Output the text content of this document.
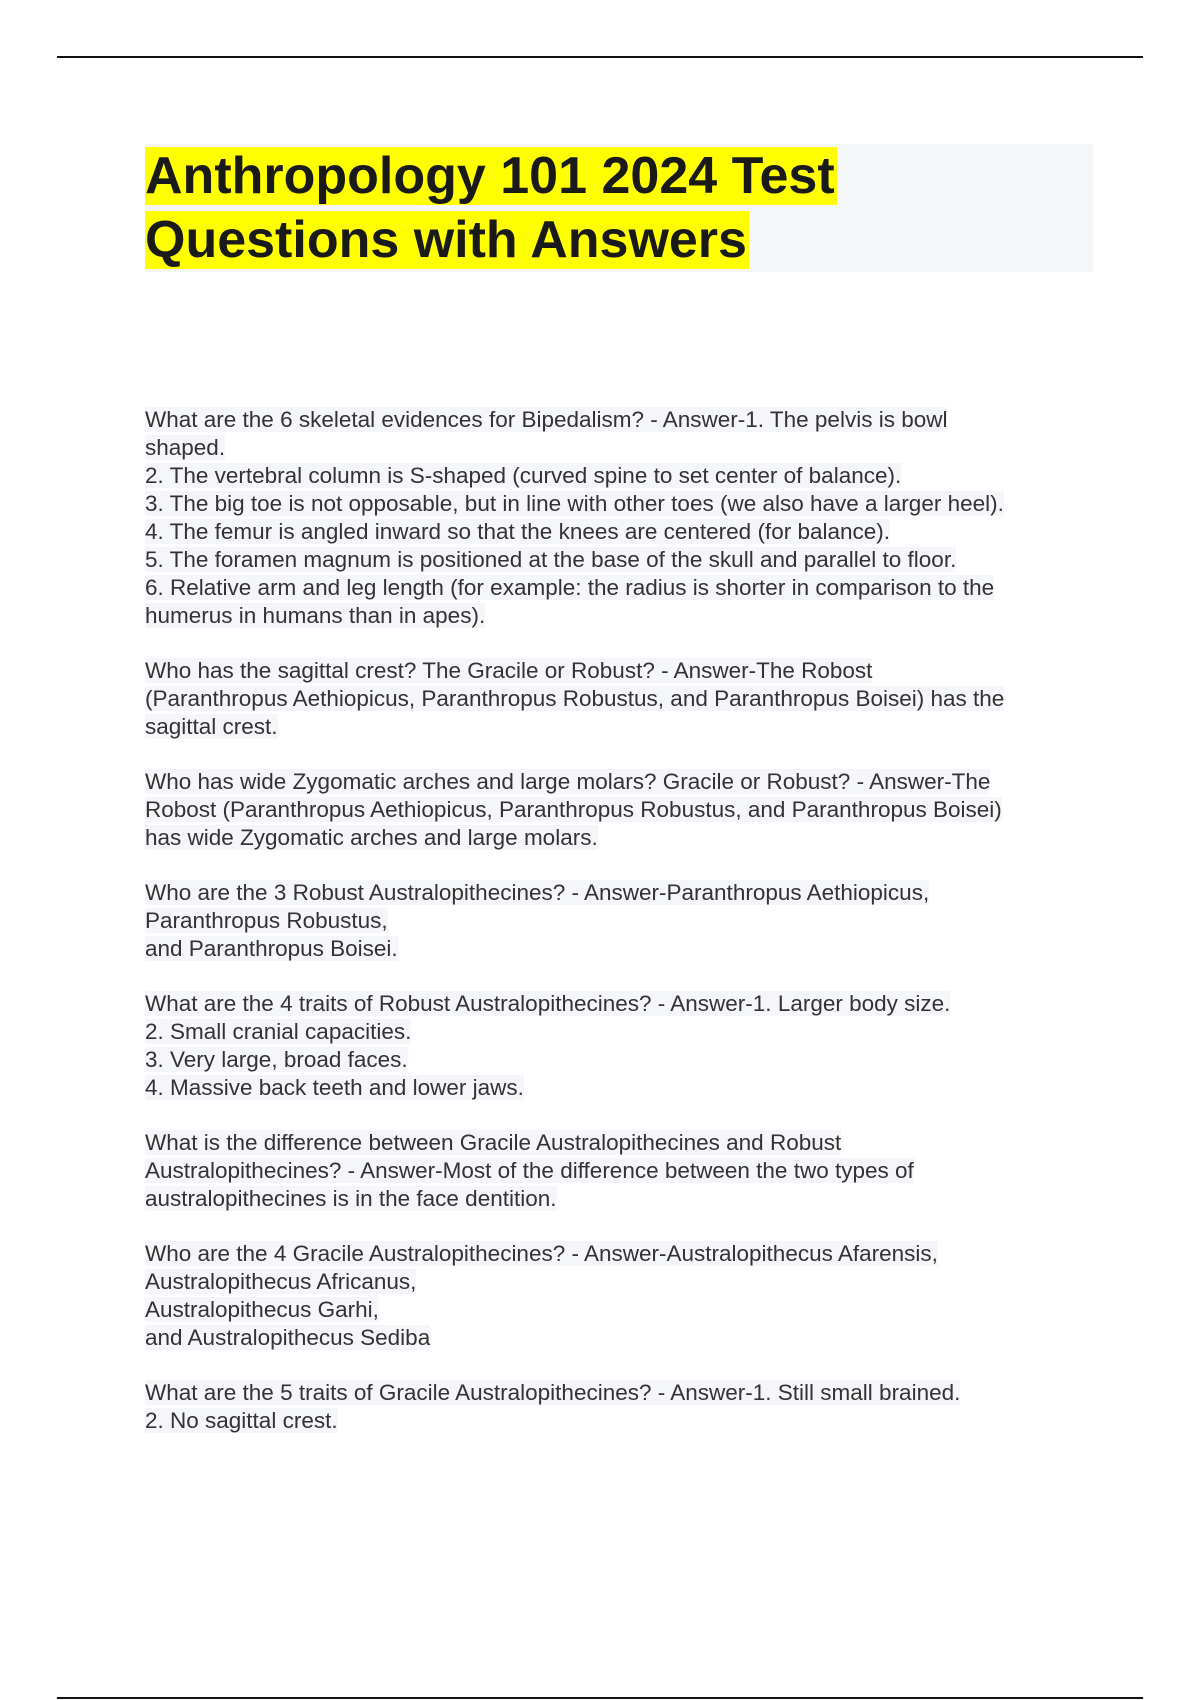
Anthropology 101 2024 Test
Questions with Answers
What are the 6 skeletal evidences for Bipedalism? - Answer-1. The pelvis is bowl
shaped.
2. The vertebral column is S-shaped (curved spine to set center of balance).
3. The big toe is not opposable, but in line with other toes (we also have a larger heel).
4. The femur is angled inward so that the knees are centered (for balance).
5. The foramen magnum is positioned at the base of the skull and parallel to floor.
6. Relative arm and leg length (for example: the radius is shorter in comparison to the
humerus in humans than in apes).
Who has the sagittal crest? The Gracile or Robust? - Answer-The Robost
(Paranthropus Aethiopicus, Paranthropus Robustus, and Paranthropus Boisei) has the
sagittal crest.
Who has wide Zygomatic arches and large molars? Gracile or Robust? - Answer-The
Robost (Paranthropus Aethiopicus, Paranthropus Robustus, and Paranthropus Boisei)
has wide Zygomatic arches and large molars.
Who are the 3 Robust Australopithecines? - Answer-Paranthropus Aethiopicus,
Paranthropus Robustus,
and Paranthropus Boisei.
What are the 4 traits of Robust Australopithecines? - Answer-1. Larger body size.
2. Small cranial capacities.
3. Very large, broad faces.
4. Massive back teeth and lower jaws.
What is the difference between Gracile Australopithecines and Robust
Australopithecines? - Answer-Most of the difference between the two types of
australopithecines is in the face dentition.
Who are the 4 Gracile Australopithecines? - Answer-Australopithecus Afarensis,
Australopithecus Africanus,
Australopithecus Garhi,
and Australopithecus Sediba
What are the 5 traits of Gracile Australopithecines? - Answer-1. Still small brained.
2. No sagittal crest.
